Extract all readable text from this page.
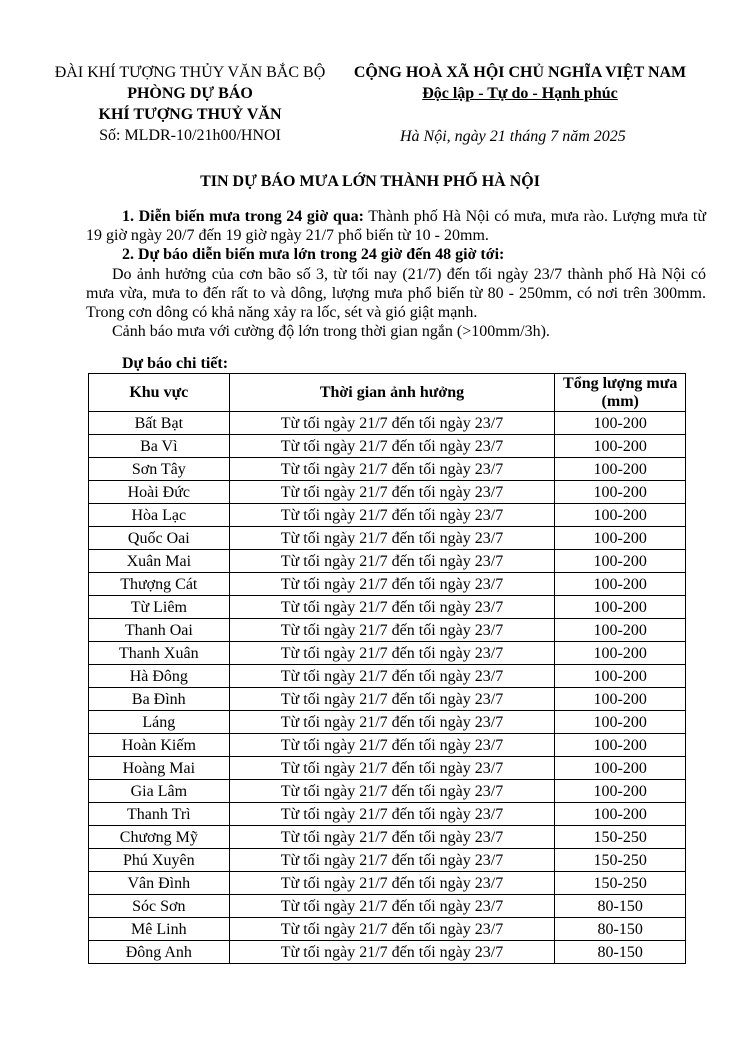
ĐÀI KHÍ TƯỢNG THỦY VĂN BẮC BỘ
PHÒNG DỰ BÁO
KHÍ TƯỢNG THUỶ VĂN
Số: MLDR-10/21h00/HNOI
CỘNG HOÀ XÃ HỘI CHỦ NGHĨA VIỆT NAM
Độc lập - Tự do - Hạnh phúc
Hà Nội, ngày 21 tháng 7 năm 2025
TIN DỰ BÁO MƯA LỚN THÀNH PHỐ HÀ NỘI

1. Diễn biến mưa trong 24 giờ qua: Thành phố Hà Nội có mưa, mưa rào. Lượng mưa từ 19 giờ ngày 20/7 đến 19 giờ ngày 21/7 phổ biến từ 10 - 20mm.

2. Dự báo diễn biến mưa lớn trong 24 giờ đến 48 giờ tới:

Do ảnh hưởng của cơn bão số 3, từ tối nay (21/7) đến tối ngày 23/7 thành phố Hà Nội có mưa vừa, mưa to đến rất to và dông, lượng mưa phổ biến từ 80 - 250mm, có nơi trên 300mm. Trong cơn dông có khả năng xảy ra lốc, sét và gió giật mạnh.

Cảnh báo mưa với cường độ lớn trong thời gian ngắn (>100mm/3h).

Dự báo chi tiết:
Khu vực	Thời gian ảnh hưởng	Tổng lượng mưa (mm)
Bất Bạt	Từ tối ngày 21/7 đến tối ngày 23/7	100-200
Ba Vì	Từ tối ngày 21/7 đến tối ngày 23/7	100-200
Sơn Tây	Từ tối ngày 21/7 đến tối ngày 23/7	100-200
Hoài Đức	Từ tối ngày 21/7 đến tối ngày 23/7	100-200
Hòa Lạc	Từ tối ngày 21/7 đến tối ngày 23/7	100-200
Quốc Oai	Từ tối ngày 21/7 đến tối ngày 23/7	100-200
Xuân Mai	Từ tối ngày 21/7 đến tối ngày 23/7	100-200
Thượng Cát	Từ tối ngày 21/7 đến tối ngày 23/7	100-200
Từ Liêm	Từ tối ngày 21/7 đến tối ngày 23/7	100-200
Thanh Oai	Từ tối ngày 21/7 đến tối ngày 23/7	100-200
Thanh Xuân	Từ tối ngày 21/7 đến tối ngày 23/7	100-200
Hà Đông	Từ tối ngày 21/7 đến tối ngày 23/7	100-200
Ba Đình	Từ tối ngày 21/7 đến tối ngày 23/7	100-200
Láng	Từ tối ngày 21/7 đến tối ngày 23/7	100-200
Hoàn Kiếm	Từ tối ngày 21/7 đến tối ngày 23/7	100-200
Hoàng Mai	Từ tối ngày 21/7 đến tối ngày 23/7	100-200
Gia Lâm	Từ tối ngày 21/7 đến tối ngày 23/7	100-200
Thanh Trì	Từ tối ngày 21/7 đến tối ngày 23/7	100-200
Chương Mỹ	Từ tối ngày 21/7 đến tối ngày 23/7	150-250
Phú Xuyên	Từ tối ngày 21/7 đến tối ngày 23/7	150-250
Vân Đình	Từ tối ngày 21/7 đến tối ngày 23/7	150-250
Sóc Sơn	Từ tối ngày 21/7 đến tối ngày 23/7	80-150
Mê Linh	Từ tối ngày 21/7 đến tối ngày 23/7	80-150
Đông Anh	Từ tối ngày 21/7 đến tối ngày 23/7	80-150
